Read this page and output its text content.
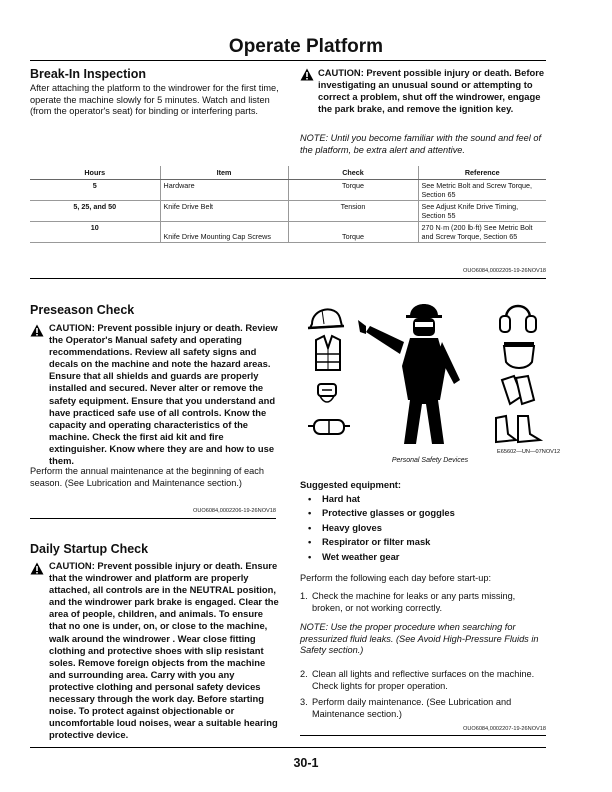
Operate Platform
Break-In Inspection
After attaching the platform to the windrower for the first time, operate the machine slowly for 5 minutes. Watch and listen (from the operator's seat) for binding or interfering parts.
CAUTION: Prevent possible injury or death. Before investigating an unusual sound or attempting to correct a problem, shut off the windrower, engage the park brake, and remove the ignition key.
NOTE: Until you become familiar with the sound and feel of the platform, be extra alert and attentive.
Hours	Item	Check	Reference
5	Hardware	Torque	See Metric Bolt and Screw Torque, Section 65
5, 25, and 50	Knife Drive Belt	Tension	See Adjust Knife Drive Timing, Section 55
10	Knife Drive Mounting Cap Screws	Torque	270 N·m (200 lb·ft) See Metric Bolt and Screw Torque, Section 65
OUO6084,0002205-19-26NOV18
Preseason Check
CAUTION: Prevent possible injury or death. Review the Operator's Manual safety and operating recommendations. Review all safety signs and decals on the machine and note the hazard areas. Ensure that all shields and guards are properly installed and secured. Never alter or remove the safety equipment. Ensure that you understand and have practiced safe use of all controls. Know the capacity and operating characteristics of the machine. Check the first aid kit and fire extinguisher. Know where they are and how to use them.
Perform the annual maintenance at the beginning of each season. (See Lubrication and Maintenance section.)
OUO6084,0002206-19-26NOV18
Daily Startup Check
CAUTION: Prevent possible injury or death. Ensure that the windrower and platform are properly attached, all controls are in the NEUTRAL position, and the windrower park brake is engaged. Clear the area of people, children, and animals. To ensure that no one is under, on, or close to the machine, walk around the windrower . Wear close fitting clothing and protective shoes with slip resistant soles. Remove foreign objects from the machine and surrounding area. Carry with you any protective clothing and personal safety devices necessary through the work day. Before starting noise. To protect against objectionable or uncomfortable loud noises, wear a suitable hearing protective device.
E65602—UN—07NOV12
Personal Safety Devices
Suggested equipment:
• Hard hat
• Protective glasses or goggles
• Heavy gloves
• Respirator or filter mask
• Wet weather gear
Perform the following each day before start-up:
1. Check the machine for leaks or any parts missing, broken, or not working correctly.
NOTE: Use the proper procedure when searching for pressurized fluid leaks. (See Avoid High-Pressure Fluids in Safety section.)
2. Clean all lights and reflective surfaces on the machine. Check lights for proper operation.
3. Perform daily maintenance. (See Lubrication and Maintenance section.)
OUO6084,0002207-19-26NOV18
30-1
